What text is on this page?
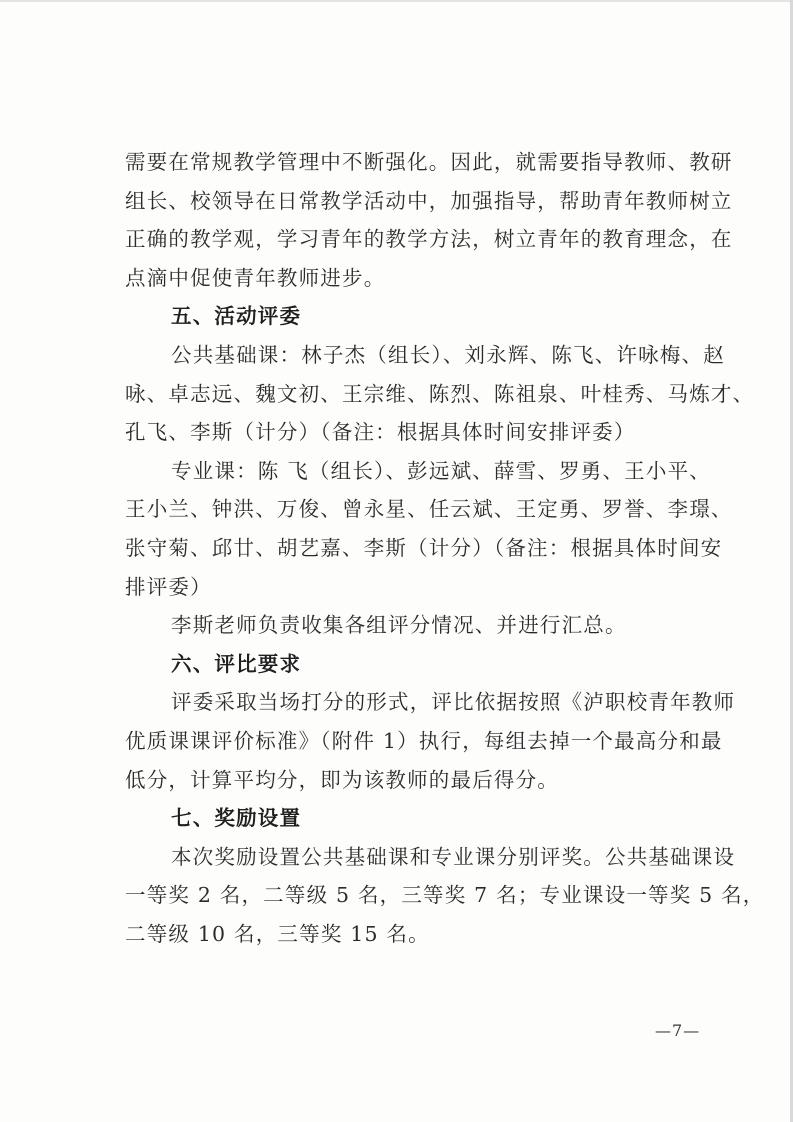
需要在常规教学管理中不断强化。因此，就需要指导教师、教研
组长、校领导在日常教学活动中，加强指导，帮助青年教师树立
正确的教学观，学习青年的教学方法，树立青年的教育理念，在
点滴中促使青年教师进步。
五、活动评委
公共基础课：林子杰（组长）、刘永辉、陈飞、许咏梅、赵
咏、卓志远、魏文初、王宗维、陈烈、陈祖泉、叶桂秀、马炼才、
孔飞、李斯（计分）（备注：根据具体时间安排评委）
专业课：陈 飞（组长）、彭远斌、薛雪、罗勇、王小平、
王小兰、钟洪、万俊、曾永星、任云斌、王定勇、罗誉、李璟、
张守菊、邱廿、胡艺嘉、李斯（计分）（备注：根据具体时间安
排评委）
李斯老师负责收集各组评分情况、并进行汇总。
六、评比要求
评委采取当场打分的形式，评比依据按照《泸职校青年教师
优质课课评价标准》（附件 1）执行，每组去掉一个最高分和最
低分，计算平均分，即为该教师的最后得分。
七、奖励设置
本次奖励设置公共基础课和专业课分别评奖。公共基础课设
一等奖 2 名，二等级 5 名，三等奖 7 名；专业课设一等奖 5 名，
二等级 10 名，三等奖 15 名。
—7—
